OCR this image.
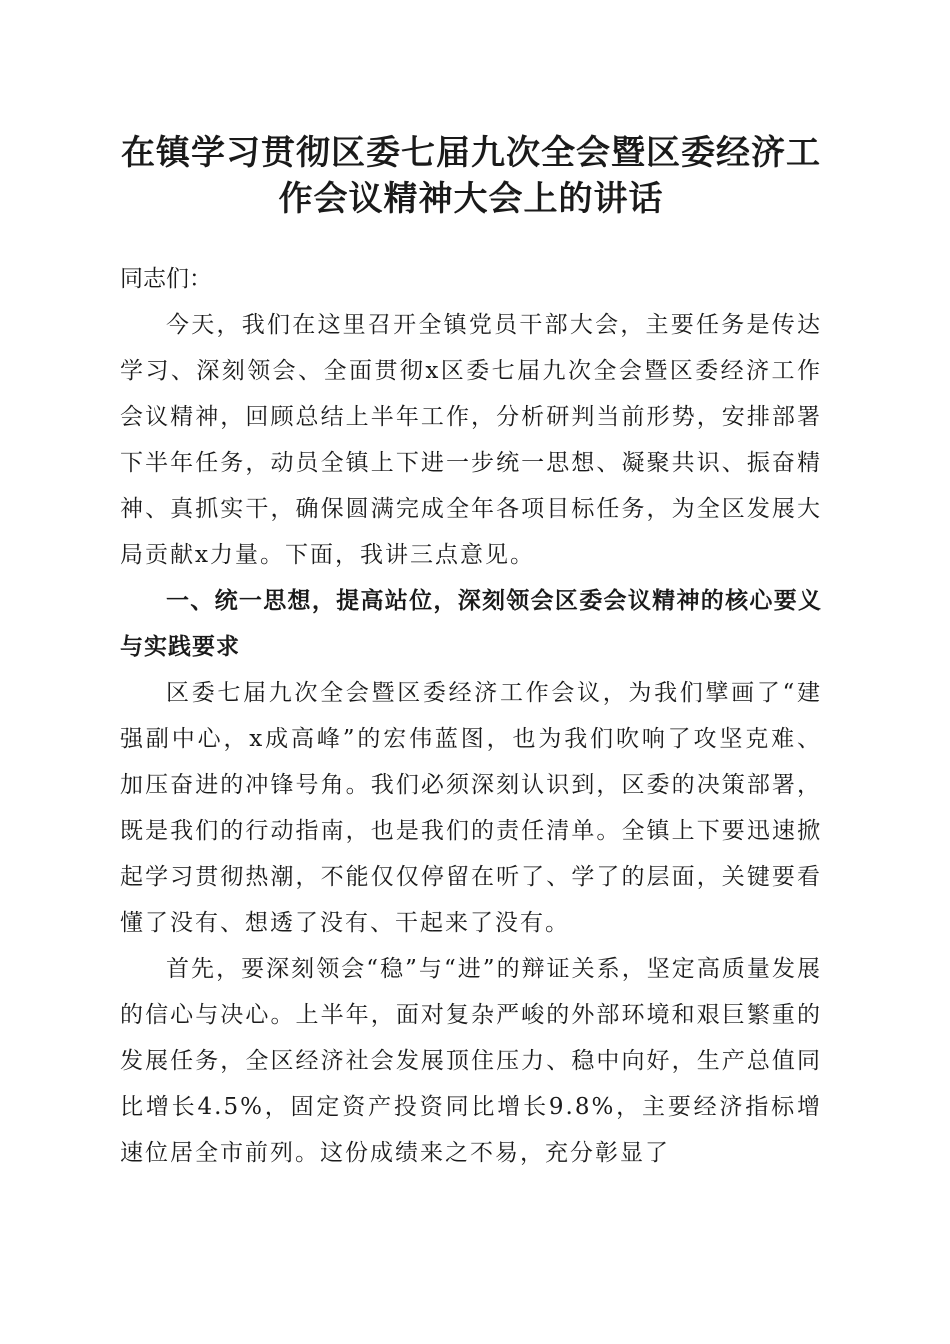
在镇学习贯彻区委七届九次全会暨区委经济工作会议精神大会上的讲话

同志们：

今天，我们在这里召开全镇党员干部大会，主要任务是传达学习、深刻领会、全面贯彻x区委七届九次全会暨区委经济工作会议精神，回顾总结上半年工作，分析研判当前形势，安排部署下半年任务，动员全镇上下进一步统一思想、凝聚共识、振奋精神、真抓实干，确保圆满完成全年各项目标任务，为全区发展大局贡献x力量。下面，我讲三点意见。

一、统一思想，提高站位，深刻领会区委会议精神的核心要义与实践要求

区委七届九次全会暨区委经济工作会议，为我们擘画了“建强副中心，x成高峰”的宏伟蓝图，也为我们吹响了攻坚克难、加压奋进的冲锋号角。我们必须深刻认识到，区委的决策部署，既是我们的行动指南，也是我们的责任清单。全镇上下要迅速掀起学习贯彻热潮，不能仅仅停留在听了、学了的层面，关键要看懂了没有、想透了没有、干起来了没有。

首先，要深刻领会“稳”与“进”的辩证关系，坚定高质量发展的信心与决心。上半年，面对复杂严峻的外部环境和艰巨繁重的发展任务，全区经济社会发展顶住压力、稳中向好，生产总值同比增长4.5%，固定资产投资同比增长9.8%，主要经济指标增速位居全市前列。这份成绩来之不易，充分彰显了
